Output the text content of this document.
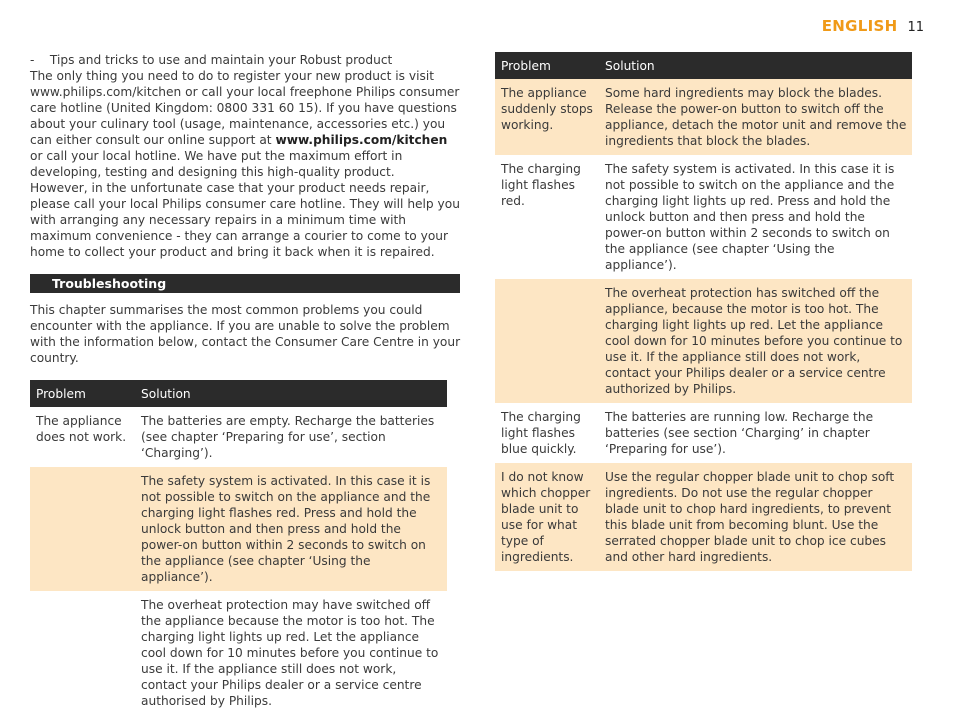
ENGLISH 11

-    Tips and tricks to use and maintain your Robust product

The only thing you need to do to register your new product is visit www.philips.com/kitchen or call your local freephone Philips consumer care hotline (United Kingdom: 0800 331 60 15). If you have questions about your culinary tool (usage, maintenance, accessories etc.) you can either consult our online support at www.philips.com/kitchen or call your local hotline. We have put the maximum effort in developing, testing and designing this high-quality product.

However, in the unfortunate case that your product needs repair, please call your local Philips consumer care hotline. They will help you with arranging any necessary repairs in a minimum time with maximum convenience - they can arrange a courier to come to your home to collect your product and bring it back when it is repaired.

Troubleshooting
This chapter summarises the most common problems you could encounter with the appliance. If you are unable to solve the problem with the information below, contact the Consumer Care Centre in your country.
Problem	Solution
The appliance does not work.	The batteries are empty. Recharge the batteries (see chapter ‘Preparing for use’, section ‘Charging’).
	The safety system is activated. In this case it is not possible to switch on the appliance and the charging light flashes red. Press and hold the unlock button and then press and hold the power-on button within 2 seconds to switch on the appliance (see chapter ‘Using the appliance’).
	The overheat protection may have switched off the appliance because the motor is too hot. The charging light lights up red. Let the appliance cool down for 10 minutes before you continue to use it. If the appliance still does not work, contact your Philips dealer or a service centre authorised by Philips.
Problem	Solution
The appliance suddenly stops working.	Some hard ingredients may block the blades. Release the power-on button to switch off the appliance, detach the motor unit and remove the ingredients that block the blades.
The charging light flashes red.	The safety system is activated. In this case it is not possible to switch on the appliance and the charging light lights up red. Press and hold the unlock button and then press and hold the power-on button within 2 seconds to switch on the appliance (see chapter ‘Using the appliance’).
	The overheat protection has switched off the appliance, because the motor is too hot. The charging light lights up red. Let the appliance cool down for 10 minutes before you continue to use it. If the appliance still does not work, contact your Philips dealer or a service centre authorized by Philips.
The charging light flashes blue quickly.	The batteries are running low. Recharge the batteries (see section ‘Charging’ in chapter ‘Preparing for use’).
I do not know which chopper blade unit to use for what type of ingredients.	Use the regular chopper blade unit to chop soft ingredients. Do not use the regular chopper blade unit to chop hard ingredients, to prevent this blade unit from becoming blunt. Use the serrated chopper blade unit to chop ice cubes and other hard ingredients.
